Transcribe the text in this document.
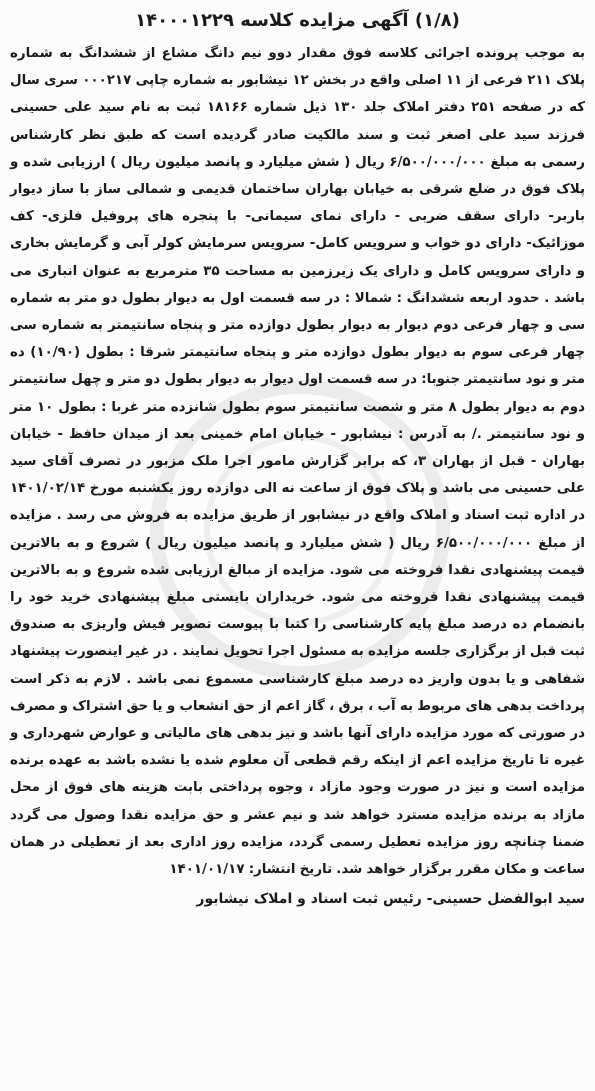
(۱/۸) آگهی مزایده کلاسه ۱۴۰۰۰۱۲۲۹

به موجب پرونده اجرائی کلاسه فوق مقدار دوو نیم دانگ مشاع از ششدانگ به شماره پلاک ۲۱۱ فرعی از ۱۱ اصلی واقع در بخش ۱۲ نیشابور به شماره چاپی ۰۰۰۲۱۷ سری سال که در صفحه ۲۵۱ دفتر املاک جلد ۱۳۰ ذیل شماره ۱۸۱۶۶ ثبت به نام سید علی حسینی فرزند سید علی اصغر ثبت و سند مالکیت صادر گردیده است که طبق نظر کارشناس رسمی به مبلغ ۶/۵۰۰/۰۰۰/۰۰۰ ریال ( شش میلیارد و پانصد میلیون ریال ) ارزیابی شده و پلاک فوق در ضلع شرقی به خیابان بهاران ساختمان قدیمی و شمالی ساز با ساز دیوار باربر- دارای سقف ضربی - دارای نمای سیمانی- با پنجره های پروفیل فلزی- کف موزائیک- دارای دو خواب و سرویس کامل- سرویس سرمایش کولر آبی و گرمایش بخاری و دارای سرویس کامل و دارای یک زیرزمین به مساحت ۳۵ مترمربع به عنوان انباری می باشد . حدود اربعه ششدانگ : شمالا : در سه قسمت اول به دیوار بطول دو متر به شماره سی و چهار فرعی دوم دیوار به دیوار بطول دوازده متر و پنجاه سانتیمتر به شماره سی چهار فرعی سوم به دیوار بطول دوازده متر و پنجاه سانتیمتر شرقا : بطول (۱۰/۹۰) ده متر و نود سانتیمتر جنوبا: در سه قسمت اول دیوار به دیوار بطول دو متر و چهل سانتیمتر دوم به دیوار بطول ۸ متر و شصت سانتیمتر سوم بطول شانزده متر غربا : بطول ۱۰ متر و نود سانتیمتر ./ به آدرس : نیشابور - خیابان امام خمینی بعد از میدان حافظ - خیابان بهاران - قبل از بهاران ۳، که برابر گزارش مامور اجرا ملک مزبور در تصرف آقای سید علی حسینی می باشد و پلاک فوق از ساعت نه الی دوازده روز یکشنبه مورخ ۱۴۰۱/۰۲/۱۴ در اداره ثبت اسناد و املاک واقع در نیشابور از طریق مزایده به فروش می رسد . مزایده از مبلغ ۶/۵۰۰/۰۰۰/۰۰۰ ریال ( شش میلیارد و پانصد میلیون ریال ) شروع و به بالاترین قیمت پیشنهادی نقدا فروخته می شود. مزایده از مبالغ ارزیابی شده شروع و به بالاترین قیمت پیشنهادی نقدا فروخته می شود. خریداران بایستی مبلغ پیشنهادی خرید خود را بانضمام ده درصد مبلغ پایه کارشناسی را کتبا با پیوست تصویر فیش واریزی به صندوق ثبت قبل از برگزاری جلسه مزایده به مسئول اجرا تحویل نمایند . در غیر اینصورت پیشنهاد شفاهی و یا بدون واریز ده درصد مبلغ کارشناسی مسموع نمی باشد . لازم به ذکر است پرداخت بدهی های مربوط به آب ، برق ، گاز اعم از حق انشعاب و یا حق اشتراک و مصرف در صورتی که مورد مزایده دارای آنها باشد و نیز بدهی های مالیاتی و عوارض شهرداری و غیره تا تاریخ مزایده اعم از اینکه رقم قطعی آن معلوم شده یا نشده باشد به عهده برنده مزایده است و نیز در صورت وجود مازاد ، وجوه پرداختی بابت هزینه های فوق از محل مازاد به برنده مزایده مسترد خواهد شد و نیم عشر و حق مزایده نقدا وصول می گردد ضمنا چنانچه روز مزایده تعطیل رسمی گردد، مزایده روز اداری بعد از تعطیلی در همان ساعت و مکان مقرر برگزار خواهد شد. تاریخ انتشار: ۱۴۰۱/۰۱/۱۷

سید ابوالفضل حسینی- رئیس ثبت اسناد و املاک نیشابور
